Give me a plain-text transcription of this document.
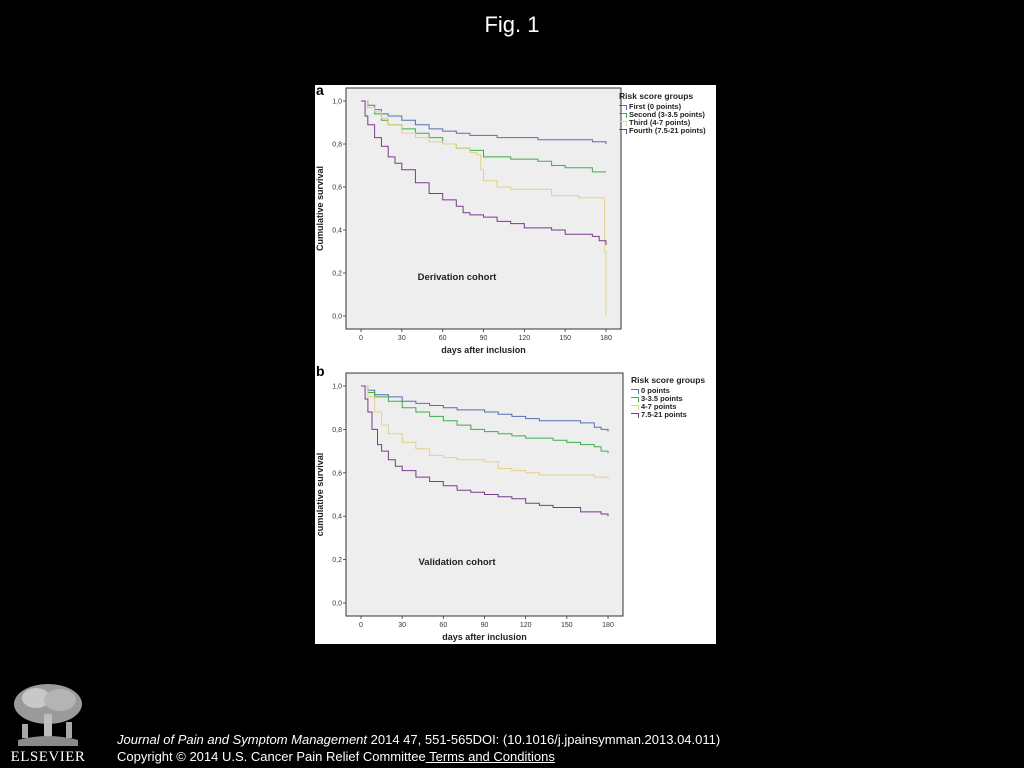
Fig. 1
0,0
0,2
0,4
0,6
0,8
1,0
0	30	60	90	120	150	180
days after inclusion
Cumulative survival
Derivation cohort
0,0
0,2
0,4
0,6
0,8
1,0
0	30	60	90	120	150	180
days after inclusion
cumulative survival
Validation cohort
a
b
Risk score groups
First (0 points)
Second (3-3.5 points)
Third (4-7 points)
Fourth (7.5-21 points)
Risk score groups
0 points
3-3.5 points
4-7 points
7.5-21 points
ELSEVIER
Journal of Pain and Symptom Management 2014 47, 551-565DOI: (10.1016/j.jpainsymman.2013.04.011)
Copyright © 2014 U.S. Cancer Pain Relief Committee Terms and Conditions
